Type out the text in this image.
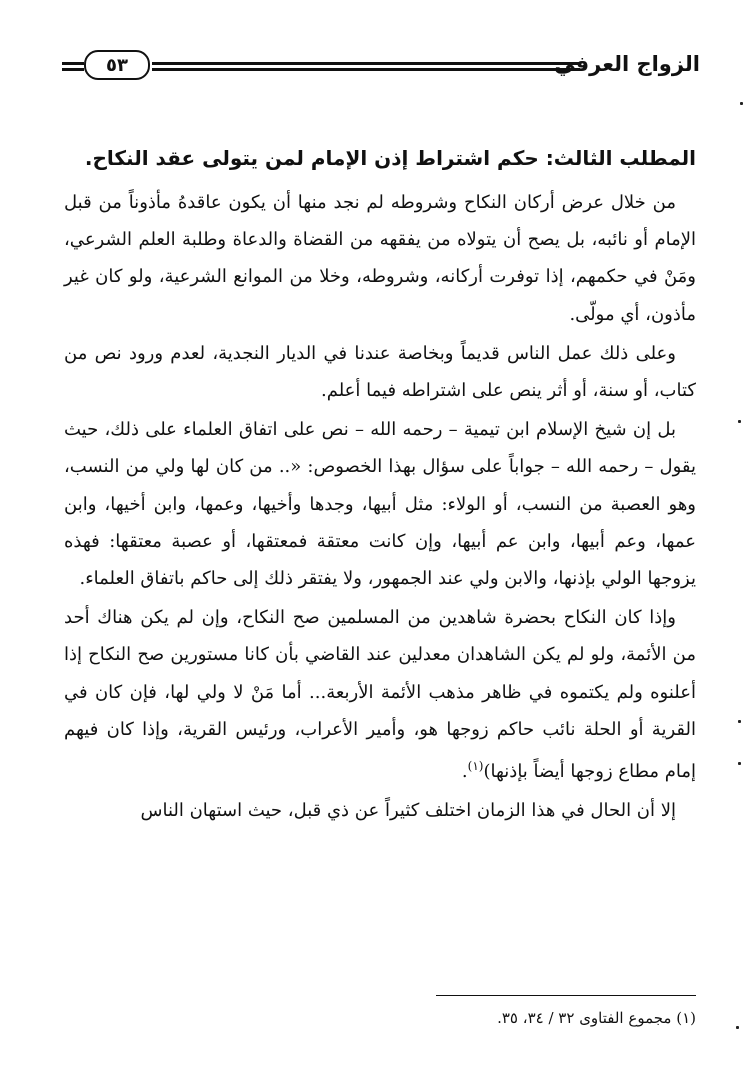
الزواج العرفي
٥٣
المطلب الثالث: حكم اشتراط إذن الإمام لمن يتولى عقد النكاح.

من خلال عرض أركان النكاح وشروطه لم نجد منها أن يكون عاقدهُ مأذوناً من قبل الإمام أو نائبه، بل يصح أن يتولاه من يفقهه من القضاة والدعاة وطلبة العلم الشرعي، ومَنْ في حكمهم، إذا توفرت أركانه، وشروطه، وخلا من الموانع الشرعية، ولو كان غير مأذون، أي مولّى.

وعلى ذلك عمل الناس قديماً وبخاصة عندنا في الديار النجدية، لعدم ورود نص من كتاب، أو سنة، أو أثر ينص على اشتراطه فيما أعلم.

بل إن شيخ الإسلام ابن تيمية – رحمه الله – نص على اتفاق العلماء على ذلك، حيث يقول – رحمه الله – جواباً على سؤال بهذا الخصوص: «.. من كان لها ولي من النسب، وهو العصبة من النسب، أو الولاء: مثل أبيها، وجدها وأخيها، وعمها، وابن أخيها، وابن عمها، وعم أبيها، وابن عم أبيها، وإن كانت معتقة فمعتقها، أو عصبة معتقها: فهذه يزوجها الولي بإذنها، والابن ولي عند الجمهور، ولا يفتقر ذلك إلى حاكم باتفاق العلماء.

وإذا كان النكاح بحضرة شاهدين من المسلمين صح النكاح، وإن لم يكن هناك أحد من الأئمة، ولو لم يكن الشاهدان معدلين عند القاضي بأن كانا مستورين صح النكاح إذا أعلنوه ولم يكتموه في ظاهر مذهب الأئمة الأربعة... أما مَنْ لا ولي لها، فإن كان في القرية أو الحلة نائب حاكم زوجها هو، وأمير الأعراب، ورئيس القرية، وإذا كان فيهم إمام مطاع زوجها أيضاً بإذنها)$^{(١)}$.

إلا أن الحال في هذا الزمان اختلف كثيراً عن ذي قبل، حيث استهان الناس

(١) مجموع الفتاوى ٣٢ / ٣٤، ٣٥.
